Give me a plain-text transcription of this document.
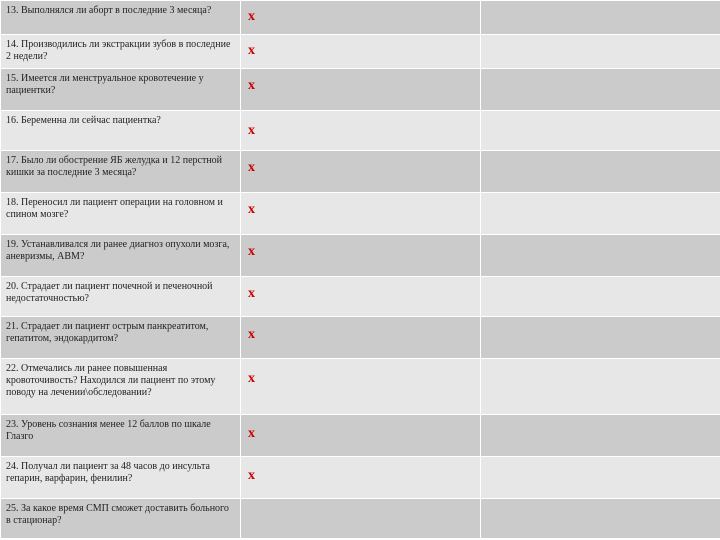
13. Выполнялся ли аборт в последние 3 месяца?	x	

14. Производились ли экстракции зубов в последние 2 недели?	x	

15. Имеется ли менструальное кровотечение у пациентки?	x	

16. Беременна ли сейчас пациентка?	x	

17. Было ли обострение ЯБ желудка и 12 перстной кишки за последние 3 месяца?	x	

18. Переносил ли пациент операции на головном и спином мозге?	x	

19. Устанавливался ли ранее диагноз опухоли мозга, аневризмы, АВМ?	x	

20. Страдает ли пациент почечной и печеночной недостаточностью?	x	

21. Страдает ли пациент острым панкреатитом, гепатитом, эндокардитом?	x	

22. Отмечались ли ранее повышенная кровоточивость? Находился ли пациент по этому поводу на лечении\обследовании?	x	

23. Уровень сознания менее 12 баллов по шкале Глазго	x	

24. Получал ли пациент за 48 часов до инсульта гепарин, варфарин, фенилин?	x	

25. За какое время СМП сможет доставить больного в стационар?		
